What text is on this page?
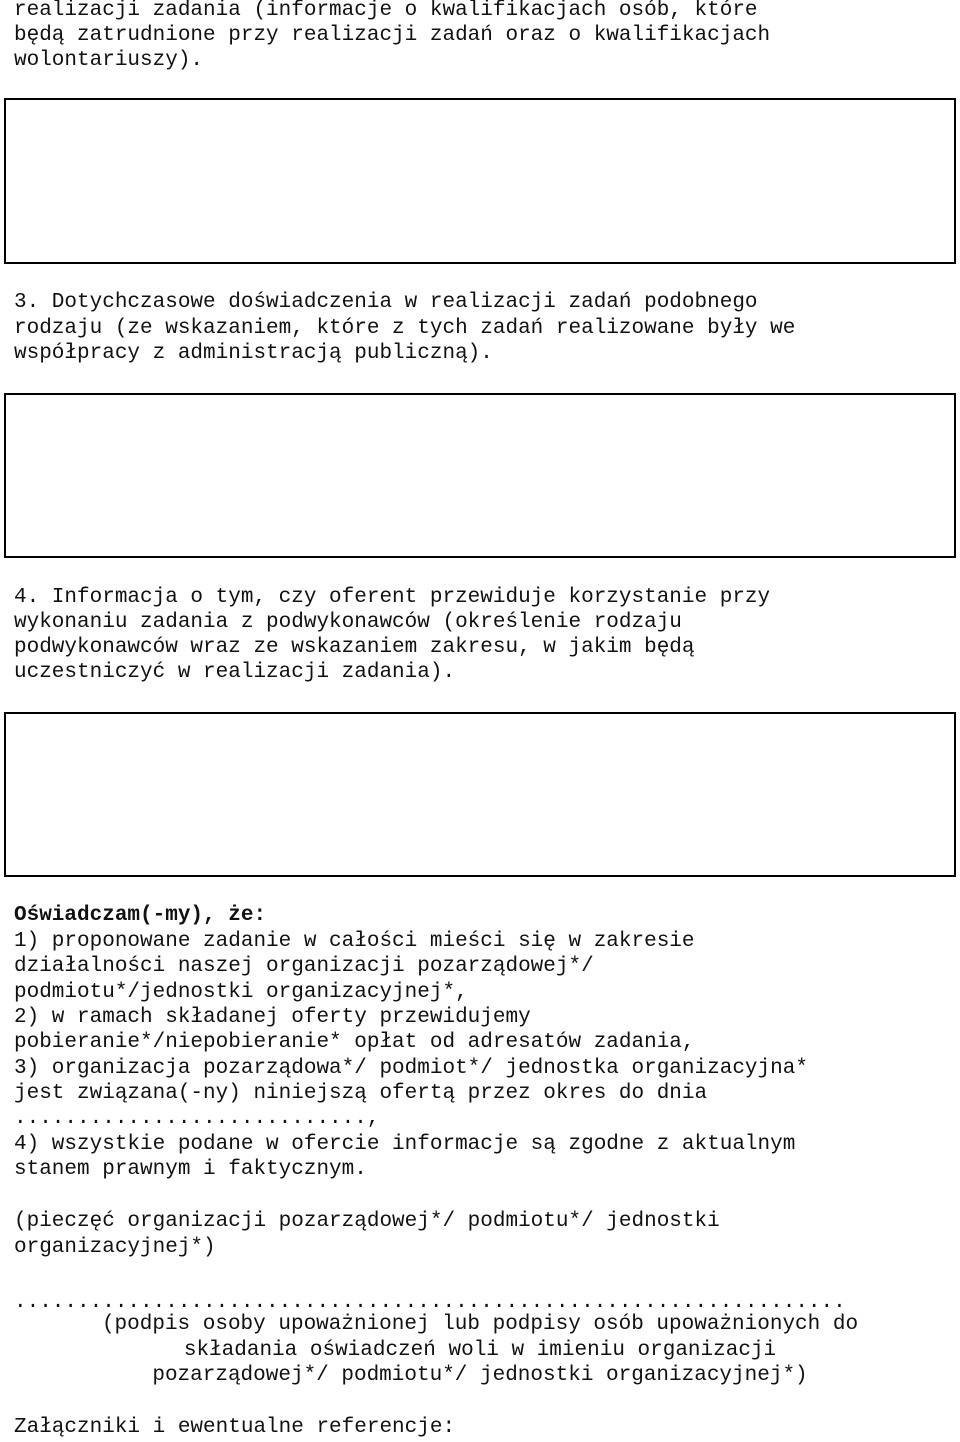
realizacji zadania (informacje o kwalifikacjach osób, które
będą zatrudnione przy realizacji zadań oraz o kwalifikacjach
wolontariuszy).
3. Dotychczasowe doświadczenia w realizacji zadań podobnego
rodzaju (ze wskazaniem, które z tych zadań realizowane były we
współpracy z administracją publiczną).
4. Informacja o tym, czy oferent przewiduje korzystanie przy
wykonaniu zadania z podwykonawców (określenie rodzaju
podwykonawców wraz ze wskazaniem zakresu, w jakim będą
uczestniczyć w realizacji zadania).
Oświadczam(-my), że:
1) proponowane zadanie w całości mieści się w zakresie
działalności naszej organizacji pozarządowej*/
podmiotu*/jednostki organizacyjnej*,
2) w ramach składanej oferty przewidujemy
pobieranie*/niepobieranie* opłat od adresatów zadania,
3) organizacja pozarządowa*/ podmiot*/ jednostka organizacyjna*
jest związana(-ny) niniejszą ofertą przez okres do dnia
............................,
4) wszystkie podane w ofercie informacje są zgodne z aktualnym
stanem prawnym i faktycznym.
(pieczęć organizacji pozarządowej*/ podmiotu*/ jednostki
organizacyjnej*)
..................................................................
(podpis osoby upoważnionej lub podpisy osób upoważnionych do
składania oświadczeń woli w imieniu organizacji
pozarządowej*/ podmiotu*/ jednostki organizacyjnej*)
Załączniki i ewentualne referencje:
